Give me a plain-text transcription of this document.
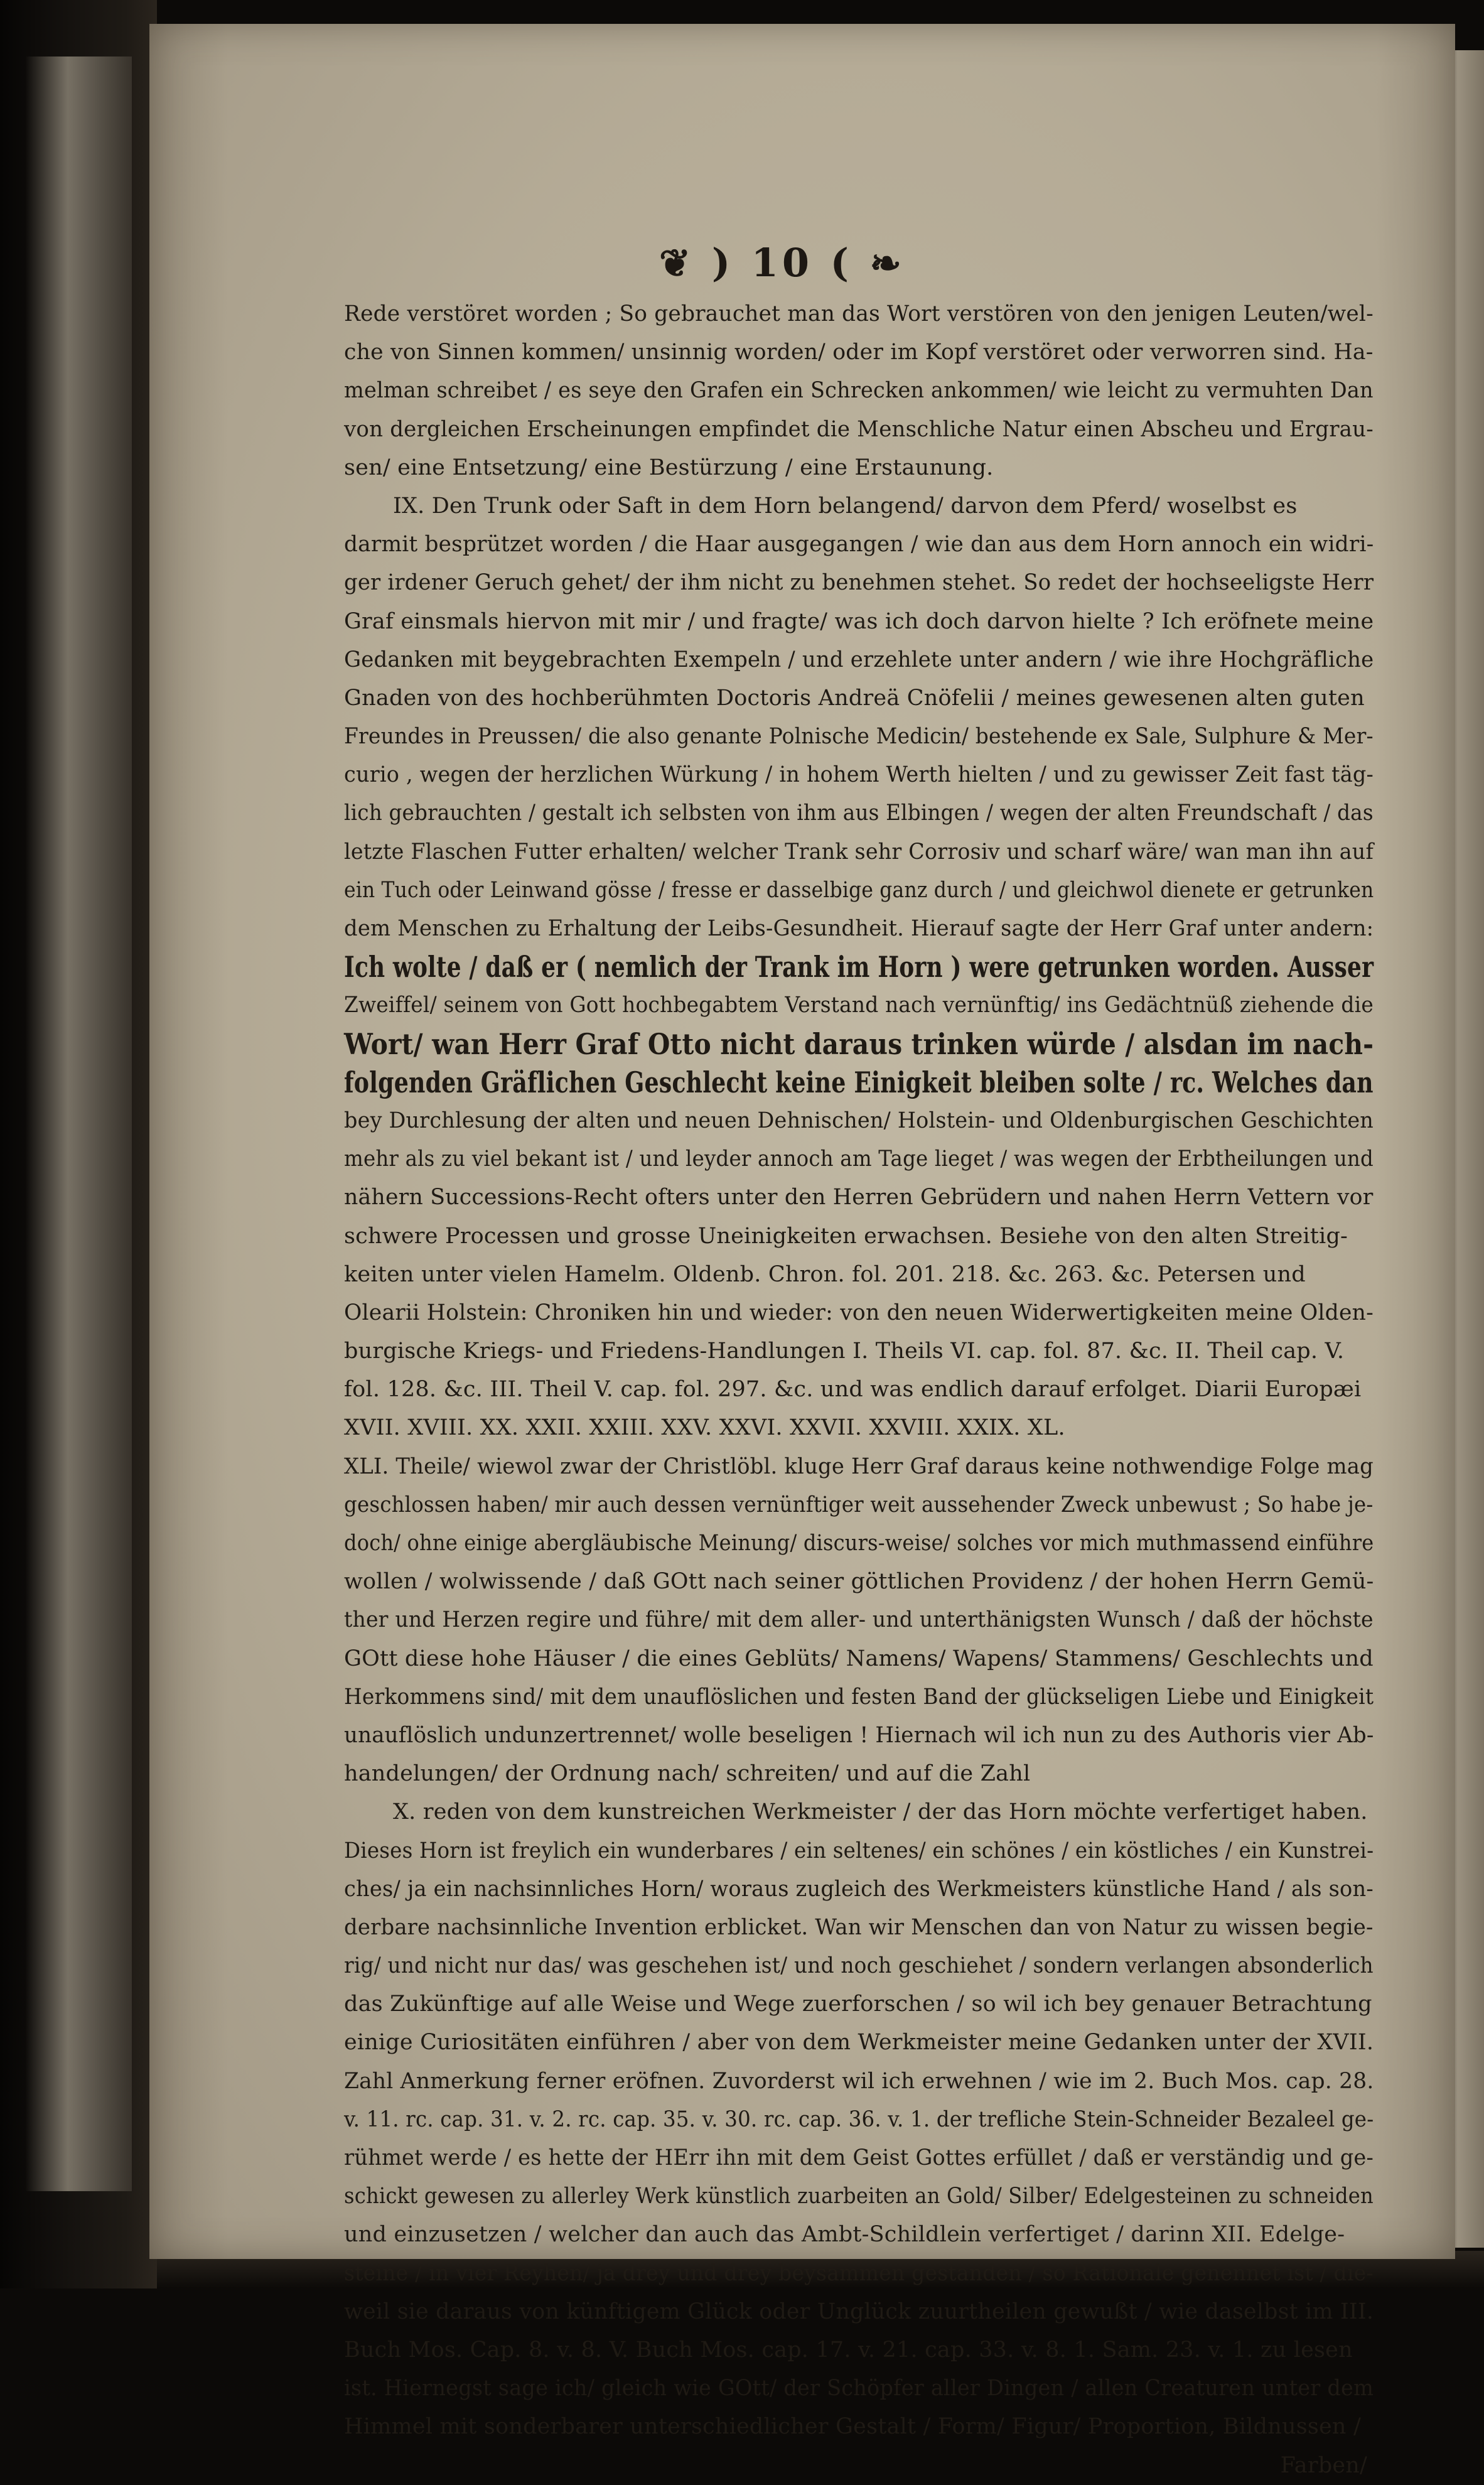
❦ ) 10 ( ❧
Rede verstöret worden ; So gebrauchet man das Wort verstören von den jenigen Leuten/wel-
che von Sinnen kommen/ unsinnig worden/ oder im Kopf verstöret oder verworren sind. Ha-
melman schreibet / es seye den Grafen ein Schrecken ankommen/ wie leicht zu vermuhten Dan
von dergleichen Erscheinungen empfindet die Menschliche Natur einen Abscheu und Ergrau-
sen/ eine Entsetzung/ eine Bestürzung / eine Erstaunung.
IX. Den Trunk oder Saft in dem Horn belangend/ darvon dem Pferd/ woselbst es
darmit besprützet worden / die Haar ausgegangen / wie dan aus dem Horn annoch ein widri-
ger irdener Geruch gehet/ der ihm nicht zu benehmen stehet. So redet der hochseeligste Herr
Graf einsmals hiervon mit mir / und fragte/ was ich doch darvon hielte ? Ich eröfnete meine
Gedanken mit beygebrachten Exempeln / und erzehlete unter andern / wie ihre Hochgräfliche
Gnaden von des hochberühmten Doctoris Andreä Cnöfelii / meines gewesenen alten guten
Freundes in Preussen/ die also genante Polnische Medicin/ bestehende ex Sale, Sulphure & Mer-
curio , wegen der herzlichen Würkung / in hohem Werth hielten / und zu gewisser Zeit fast täg-
lich gebrauchten / gestalt ich selbsten von ihm aus Elbingen / wegen der alten Freundschaft / das
letzte Flaschen Futter erhalten/ welcher Trank sehr Corrosiv und scharf wäre/ wan man ihn auf
ein Tuch oder Leinwand gösse / fresse er dasselbige ganz durch / und gleichwol dienete er getrunken
dem Menschen zu Erhaltung der Leibs-Gesundheit. Hierauf sagte der Herr Graf unter andern:
Ich wolte / daß er ( nemlich der Trank im Horn ) were getrunken worden. Ausser
Zweiffel/ seinem von Gott hochbegabtem Verstand nach vernünftig/ ins Gedächtnüß ziehende die
Wort/ wan Herr Graf Otto nicht daraus trinken würde / alsdan im nach-
folgenden Gräflichen Geschlecht keine Einigkeit bleiben solte / rc. Welches dan
bey Durchlesung der alten und neuen Dehnischen/ Holstein- und Oldenburgischen Geschichten
mehr als zu viel bekant ist / und leyder annoch am Tage lieget / was wegen der Erbtheilungen und
nähern Successions-Recht ofters unter den Herren Gebrüdern und nahen Herrn Vettern vor
schwere Processen und grosse Uneinigkeiten erwachsen. Besiehe von den alten Streitig-
keiten unter vielen Hamelm. Oldenb. Chron. fol. 201. 218. &c. 263. &c. Petersen und
Olearii Holstein: Chroniken hin und wieder: von den neuen Widerwertigkeiten meine Olden-
burgische Kriegs- und Friedens-Handlungen I. Theils VI. cap. fol. 87. &c. II. Theil cap. V.
fol. 128. &c. III. Theil V. cap. fol. 297. &c. und was endlich darauf erfolget. Diarii Europæi
XVII. XVIII. XX. XXII. XXIII. XXV. XXVI. XXVII. XXVIII. XXIX. XL.
XLI. Theile/ wiewol zwar der Christlöbl. kluge Herr Graf daraus keine nothwendige Folge mag
geschlossen haben/ mir auch dessen vernünftiger weit aussehender Zweck unbewust ; So habe je-
doch/ ohne einige abergläubische Meinung/ discurs-weise/ solches vor mich muthmassend einführe
wollen / wolwissende / daß GOtt nach seiner göttlichen Providenz / der hohen Herrn Gemü-
ther und Herzen regire und führe/ mit dem aller- und unterthänigsten Wunsch / daß der höchste
GOtt diese hohe Häuser / die eines Geblüts/ Namens/ Wapens/ Stammens/ Geschlechts und
Herkommens sind/ mit dem unauflöslichen und festen Band der glückseligen Liebe und Einigkeit
unauflöslich undunzertrennet/ wolle beseligen ! Hiernach wil ich nun zu des Authoris vier Ab-
handelungen/ der Ordnung nach/ schreiten/ und auf die Zahl
X. reden von dem kunstreichen Werkmeister / der das Horn möchte verfertiget haben.
Dieses Horn ist freylich ein wunderbares / ein seltenes/ ein schönes / ein köstliches / ein Kunstrei-
ches/ ja ein nachsinnliches Horn/ woraus zugleich des Werkmeisters künstliche Hand / als son-
derbare nachsinnliche Invention erblicket. Wan wir Menschen dan von Natur zu wissen begie-
rig/ und nicht nur das/ was geschehen ist/ und noch geschiehet / sondern verlangen absonderlich
das Zukünftige auf alle Weise und Wege zuerforschen / so wil ich bey genauer Betrachtung
einige Curiositäten einführen / aber von dem Werkmeister meine Gedanken unter der XVII.
Zahl Anmerkung ferner eröfnen. Zuvorderst wil ich erwehnen / wie im 2. Buch Mos. cap. 28.
v. 11. rc. cap. 31. v. 2. rc. cap. 35. v. 30. rc. cap. 36. v. 1. der trefliche Stein-Schneider Bezaleel ge-
rühmet werde / es hette der HErr ihn mit dem Geist Gottes erfüllet / daß er verständig und ge-
schickt gewesen zu allerley Werk künstlich zuarbeiten an Gold/ Silber/ Edelgesteinen zu schneiden
und einzusetzen / welcher dan auch das Ambt-Schildlein verfertiget / darinn XII. Edelge-
steine / in vier Reyhen/ ja drey und drey beysammen gestanden / so Rationale genennet ist / die-
weil sie daraus von künftigem Glück oder Unglück zuurtheilen gewußt / wie daselbst im III.
Buch Mos. Cap. 8. v. 8. V. Buch Mos. cap. 17. v. 21. cap. 33. v. 8. 1. Sam. 23. v. 1. zu lesen
ist. Hiernegst sage ich/ gleich wie GOtt/ der Schöpfer aller Dingen / allen Creaturen unter dem
Himmel mit sonderbarer unterschiedlicher Gestalt / Form/ Figur/ Proportion, Bildnussen /
Farben/
